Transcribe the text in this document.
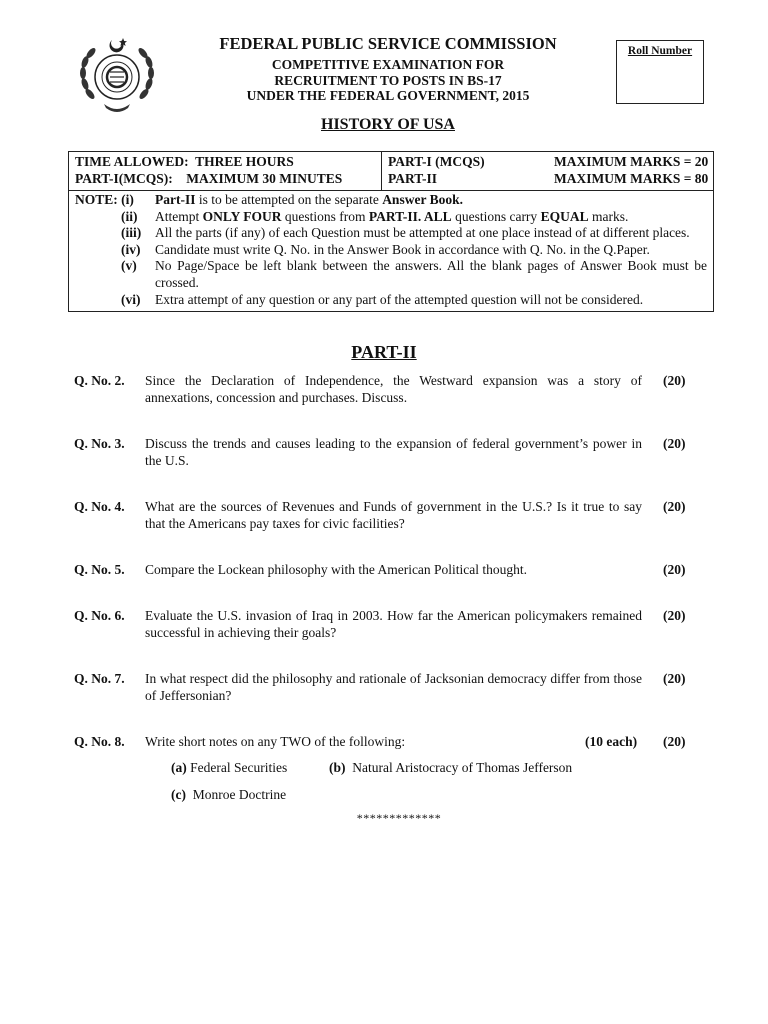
FEDERAL PUBLIC SERVICE COMMISSION
COMPETITIVE EXAMINATION FOR
RECRUITMENT TO POSTS IN BS-17
UNDER THE FEDERAL GOVERNMENT, 2015
HISTORY OF USA
Roll Number
TIME ALLOWED:  THREE HOURS
PART-I(MCQS):    MAXIMUM 30 MINUTES
PART-I (MCQS)	MAXIMUM MARKS = 20
PART-II	MAXIMUM MARKS = 80
NOTE: (i)	Part-II is to be attempted on the separate Answer Book.
(ii)	Attempt ONLY FOUR questions from PART-II. ALL questions carry EQUAL marks.
(iii)	All the parts (if any) of each Question must be attempted at one place instead of at different places.
(iv)	Candidate must write Q. No. in the Answer Book in accordance with Q. No. in the Q.Paper.
(v)	No Page/Space be left blank between the answers. All the blank pages of Answer Book must be crossed.
(vi)	Extra attempt of any question or any part of the attempted question will not be considered.
PART-II
Q. No. 2. Since the Declaration of Independence, the Westward expansion was a story of annexations, concession and purchases. Discuss.
(20)
Q. No. 3. Discuss the trends and causes leading to the expansion of federal government’s power in the U.S.
(20)
Q. No. 4. What are the sources of Revenues and Funds of government in the U.S.? Is it true to say that the Americans pay taxes for civic facilities?
(20)
Q. No. 5. Compare the Lockean philosophy with the American Political thought.	(20)
Q. No. 6. Evaluate the U.S. invasion of Iraq in 2003. How far the American policymakers remained successful in achieving their goals?
(20)
Q. No. 7. In what respect did the philosophy and rationale of Jacksonian democracy differ from those of Jeffersonian?
(20)
Q. No. 8. Write short notes on any TWO of the following:	(10 each) (20)
(a) Federal Securities	(b) Natural Aristocracy of Thomas Jefferson
(c) Monroe Doctrine
*************
